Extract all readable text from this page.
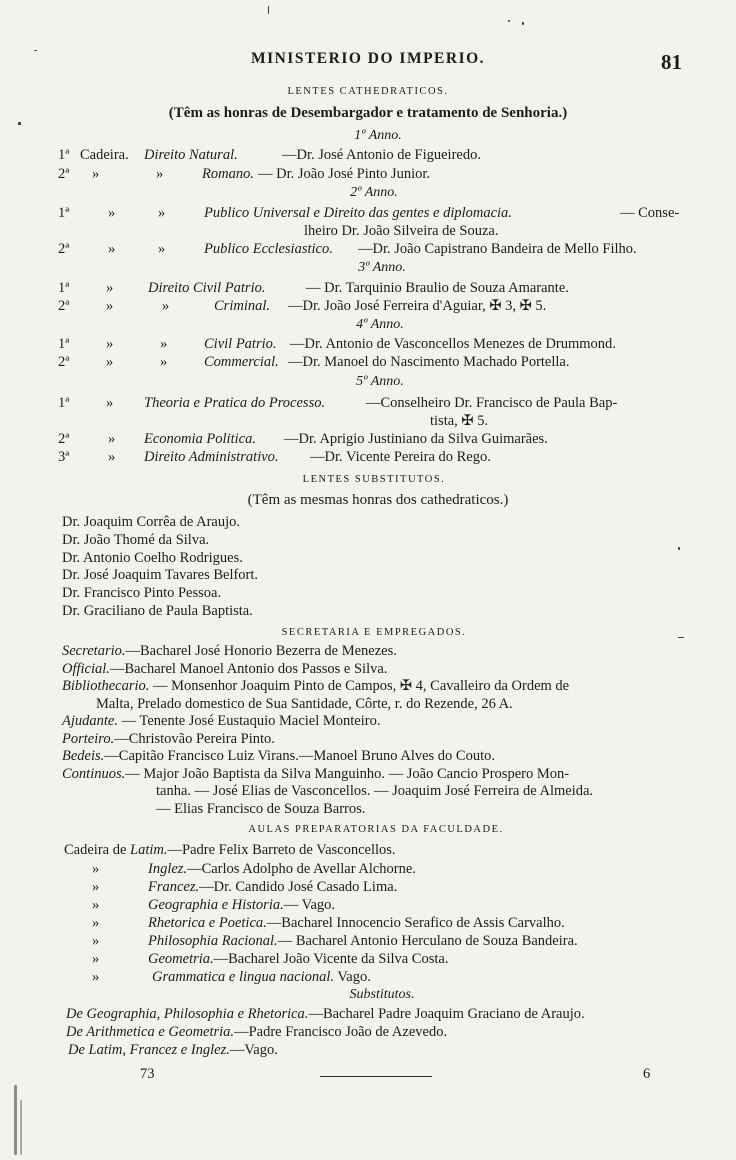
MINISTERIO DO IMPERIO.	81
LENTES CATHEDRATICOS.
(Têm as honras de Desembargador e tratamento de Senhoria.)
1º Anno.
1ª Cadeira. Direito Natural.	—Dr. José Antonio de Figueiredo.
2ª »	»	Romano. — Dr. João José Pinto Junior.
2º Anno.
1ª	»	»	Publico Universal e Direito das gentes e diplomacia.	— Conse-
lheiro Dr. João Silveira de Souza.
2ª	»	»	Publico Ecclesiastico. —Dr. João Capistrano Bandeira de Mello Filho.
3º Anno.
1ª	» Direito Civil Patrio.	— Dr. Tarquinio Braulio de Souza Amarante.
2ª	»	»	Criminal. —Dr. João José Ferreira d'Aguiar, ✠ 3, ✠ 5.
4º Anno.
1ª	»	»	Civil Patrio. —Dr. Antonio de Vasconcellos Menezes de Drummond.
2ª	»	»	Commercial. —Dr. Manoel do Nascimento Machado Portella.
5º Anno.
1ª	» Theoria e Pratica do Processo.	—Conselheiro Dr. Francisco de Paula Bap-
tista, ✠ 5.
2ª	» Economia Politica. —Dr. Aprigio Justiniano da Silva Guimarães.
3ª	» Direito Administrativo. —Dr. Vicente Pereira do Rego.
LENTES SUBSTITUTOS.
(Têm as mesmas honras dos cathedraticos.)
Dr. Joaquim Corrêa de Araujo.
Dr. João Thomé da Silva.
Dr. Antonio Coelho Rodrigues.
Dr. José Joaquim Tavares Belfort.
Dr. Francisco Pinto Pessoa.
Dr. Graciliano de Paula Baptista.
SECRETARIA E EMPREGADOS.
Secretario.—Bacharel José Honorio Bezerra de Menezes.
Official.—Bacharel Manoel Antonio dos Passos e Silva.
Bibliothecario. — Monsenhor Joaquim Pinto de Campos, ✠ 4, Cavalleiro da Ordem de
Malta, Prelado domestico de Sua Santidade, Côrte, r. do Rezende, 26 A.
Ajudante. — Tenente José Eustaquio Maciel Monteiro.
Porteiro.—Christovão Pereira Pinto.
Bedeis.—Capitão Francisco Luiz Virans.—Manoel Bruno Alves do Couto.
Continuos.— Major João Baptista da Silva Manguinho. — João Cancio Prospero Mon-
tanha. — José Elias de Vasconcellos. — Joaquim José Ferreira de Almeida.
— Elias Francisco de Souza Barros.
AULAS PREPARATORIAS DA FACULDADE.
Cadeira de Latim.—Padre Felix Barreto de Vasconcellos.
»	Inglez.—Carlos Adolpho de Avellar Alchorne.
»	Francez.—Dr. Candido José Casado Lima.
»	Geographia e Historia.— Vago.
»	Rhetorica e Poetica.—Bacharel Innocencio Serafico de Assis Carvalho.
»	Philosophia Racional.— Bacharel Antonio Herculano de Souza Bandeira.
»	Geometria.—Bacharel João Vicente da Silva Costa.
»	Grammatica e lingua nacional. Vago.
Substitutos.
De Geographia, Philosophia e Rhetorica.—Bacharel Padre Joaquim Graciano de Araujo.
De Arithmetica e Geometria.—Padre Francisco João de Azevedo.
De Latim, Francez e Inglez.—Vago.
73	6
